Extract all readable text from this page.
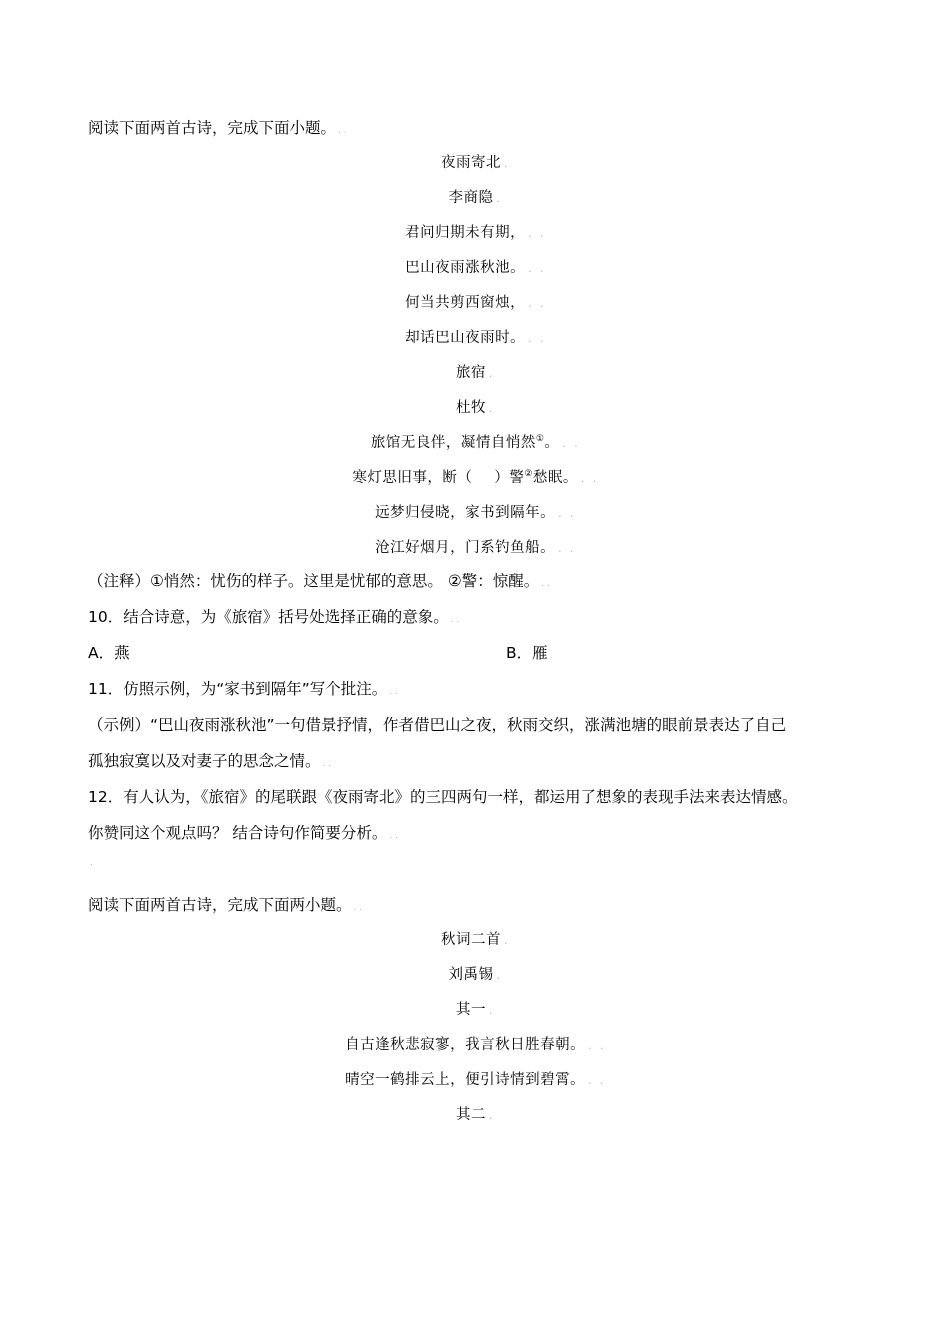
阅读下面两首古诗，完成下面小题。 . .
夜雨寄北 .
李商隐 .
君问归期未有期， . .
巴山夜雨涨秋池。 . .
何当共剪西窗烛， . .
却话巴山夜雨时。 . .
旅宿 .
杜牧 .
旅馆无良伴，凝情自悄然①。 . .
寒灯思旧事，断（ ）警②愁眠。 . .
远梦归侵晓，家书到隔年。 . .
沧江好烟月，门系钓鱼船。 . .
（注释）①悄然：忧伤的样子。这里是忧郁的意思。 ②警：惊醒。 . .
10．结合诗意，为《旅宿》括号处选择正确的意象。 . .
A．燕	B．雁 .
11．仿照示例，为“家书到隔年”写个批注。 . .
（示例）“巴山夜雨涨秋池”一句借景抒情，作者借巴山之夜，秋雨交织，涨满池塘的眼前景表达了自己
孤独寂寞以及对妻子的思念之情。 . .
12．有人认为，《旅宿》的尾联跟《夜雨寄北》的三四两句一样，都运用了想象的表现手法来表达情感。
你赞同这个观点吗？ 结合诗句作简要分析。 . .
.
阅读下面两首古诗，完成下面两小题。 . .
秋词二首 .
刘禹锡 .
其一 .
自古逢秋悲寂寥，我言秋日胜春朝。 . .
晴空一鹤排云上，便引诗情到碧霄。 . .
其二 .
